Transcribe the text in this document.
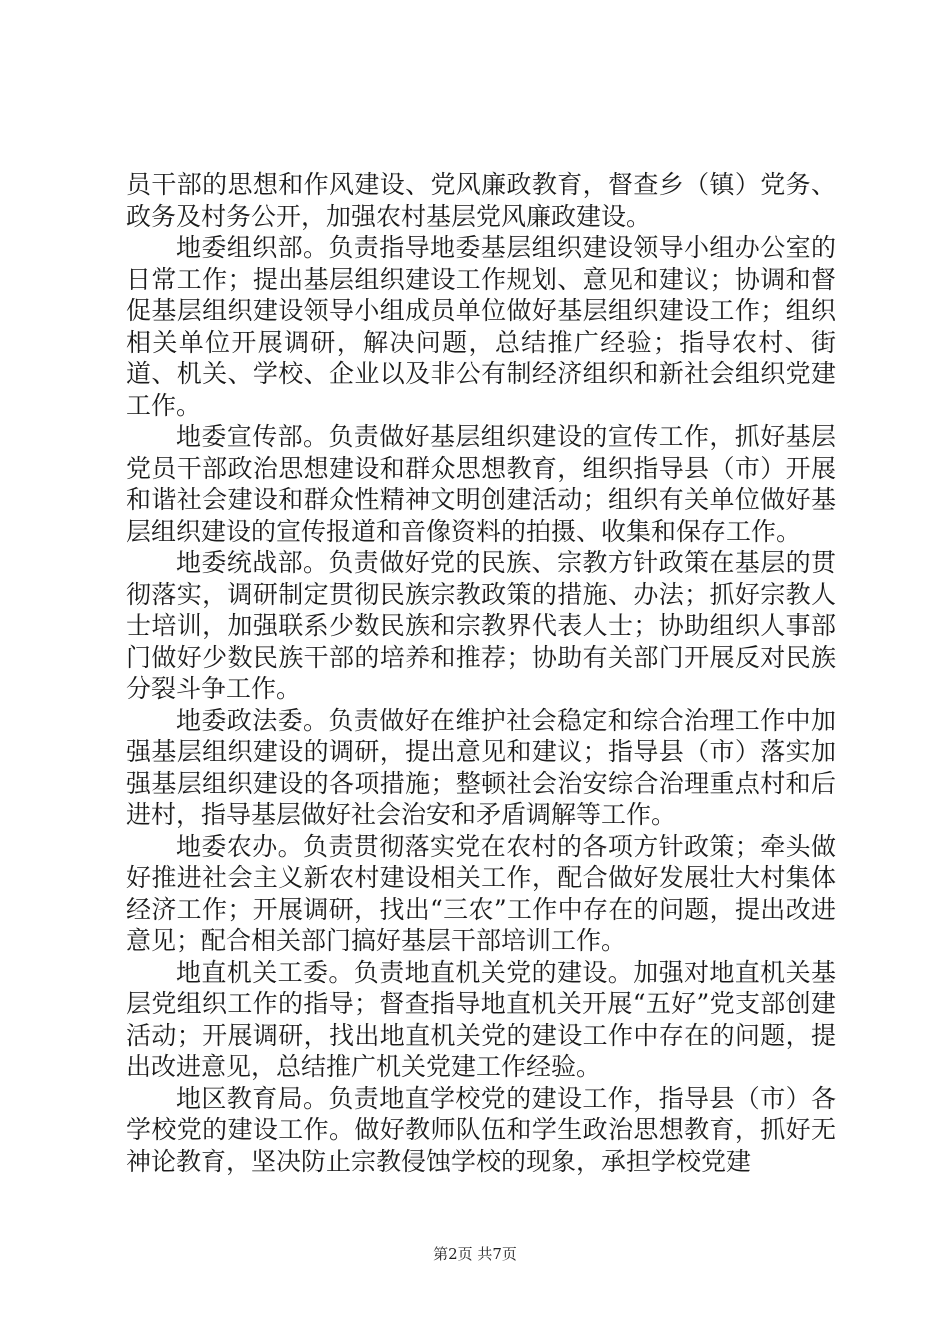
员干部的思想和作风建设、党风廉政教育，督查乡（镇）党务、政务及村务公开，加强农村基层党风廉政建设。

地委组织部。负责指导地委基层组织建设领导小组办公室的日常工作；提出基层组织建设工作规划、意见和建议；协调和督促基层组织建设领导小组成员单位做好基层组织建设工作；组织相关单位开展调研，解决问题，总结推广经验；指导农村、街道、机关、学校、企业以及非公有制经济组织和新社会组织党建工作。

地委宣传部。负责做好基层组织建设的宣传工作，抓好基层党员干部政治思想建设和群众思想教育，组织指导县（市）开展和谐社会建设和群众性精神文明创建活动；组织有关单位做好基层组织建设的宣传报道和音像资料的拍摄、收集和保存工作。

地委统战部。负责做好党的民族、宗教方针政策在基层的贯彻落实，调研制定贯彻民族宗教政策的措施、办法；抓好宗教人士培训，加强联系少数民族和宗教界代表人士；协助组织人事部门做好少数民族干部的培养和推荐；协助有关部门开展反对民族分裂斗争工作。

地委政法委。负责做好在维护社会稳定和综合治理工作中加强基层组织建设的调研，提出意见和建议；指导县（市）落实加强基层组织建设的各项措施；整顿社会治安综合治理重点村和后进村，指导基层做好社会治安和矛盾调解等工作。

地委农办。负责贯彻落实党在农村的各项方针政策；牵头做好推进社会主义新农村建设相关工作，配合做好发展壮大村集体经济工作；开展调研，找出“三农”工作中存在的问题，提出改进意见；配合相关部门搞好基层干部培训工作。

地直机关工委。负责地直机关党的建设。加强对地直机关基层党组织工作的指导；督查指导地直机关开展“五好”党支部创建活动；开展调研，找出地直机关党的建设工作中存在的问题，提出改进意见，总结推广机关党建工作经验。

地区教育局。负责地直学校党的建设工作，指导县（市）各学校党的建设工作。做好教师队伍和学生政治思想教育，抓好无神论教育，坚决防止宗教侵蚀学校的现象，承担学校党建

第2页 共7页
